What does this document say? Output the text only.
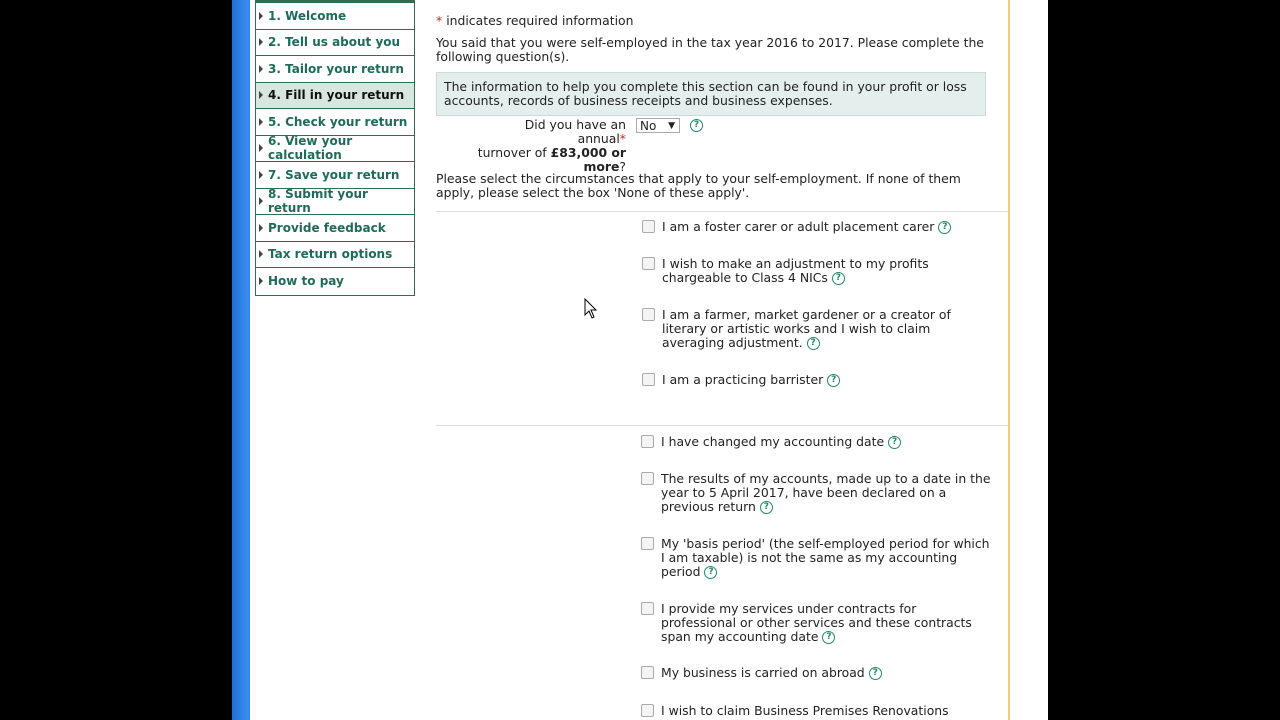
1. Welcome
2. Tell us about you
3. Tailor your return
4. Fill in your return
5. Check your return
6. View your calculation
7. Save your return
8. Submit your return
Provide feedback
Tax return options
How to pay
* indicates required information
You said that you were self-employed in the tax year 2016 to 2017. Please complete the following question(s).
The information to help you complete this section can be found in your profit or loss accounts, records of business receipts and business expenses.
Did you have an annual*
turnover of £83,000 or more?
No ▼	?
Please select the circumstances that apply to your self-employment. If none of them apply, please select the box 'None of these apply'.
I am a foster carer or adult placement carer ?
I wish to make an adjustment to my profits chargeable to Class 4 NICs ?
I am a farmer, market gardener or a creator of literary or artistic works and I wish to claim averaging adjustment. ?
I am a practicing barrister ?
I have changed my accounting date ?
The results of my accounts, made up to a date in the year to 5 April 2017, have been declared on a previous return ?
My 'basis period' (the self-employed period for which I am taxable) is not the same as my accounting period ?
I provide my services under contracts for professional or other services and these contracts span my accounting date ?
My business is carried on abroad ?
I wish to claim Business Premises Renovations
